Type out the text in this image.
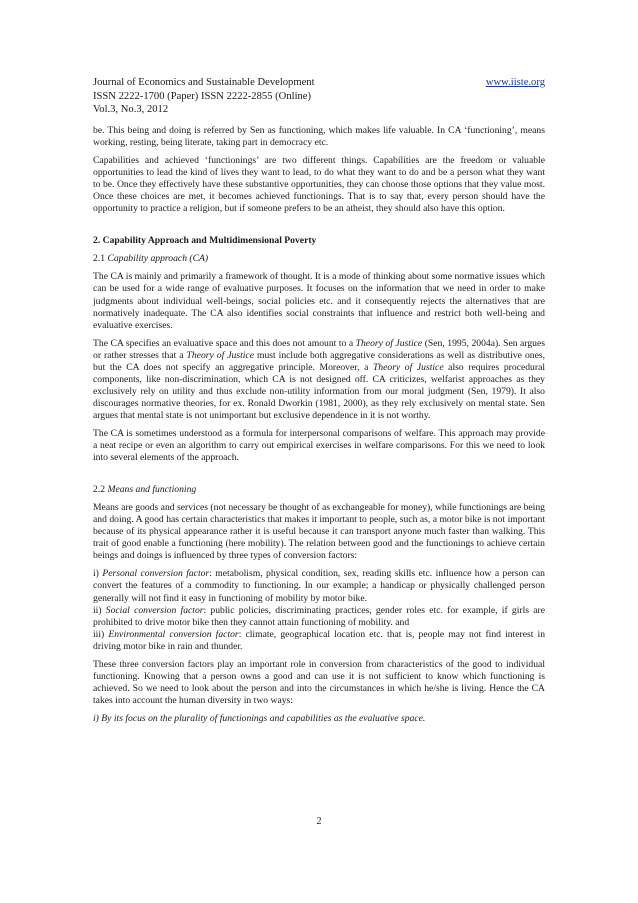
Journal of Economics and Sustainable Development
ISSN 2222-1700 (Paper) ISSN 2222-2855 (Online)
Vol.3, No.3, 2012
www.iiste.org

be. This being and doing is referred by Sen as functioning, which makes life valuable. In CA ‘functioning’, means working, resting, being literate, taking part in democracy etc.

Capabilities and achieved ‘functionings’ are two different things. Capabilities are the freedom or valuable opportunities to lead the kind of lives they want to lead, to do what they want to do and be a person what they want to be. Once they effectively have these substantive opportunities, they can choose those options that they value most. Once these choices are met, it becomes achieved functionings. That is to say that, every person should have the opportunity to practice a religion, but if someone prefers to be an atheist, they should also have this option.

2. Capability Approach and Multidimensional Poverty
2.1 Capability approach (CA)

The CA is mainly and primarily a framework of thought. It is a mode of thinking about some normative issues which can be used for a wide range of evaluative purposes. It focuses on the information that we need in order to make judgments about individual well-beings, social policies etc. and it consequently rejects the alternatives that are normatively inadequate. The CA also identifies social constraints that influence and restrict both well-being and evaluative exercises.

The CA specifies an evaluative space and this does not amount to a Theory of Justice (Sen, 1995, 2004a). Sen argues or rather stresses that a Theory of Justice must include both aggregative considerations as well as distributive ones, but the CA does not specify an aggregative principle. Moreover, a Theory of Justice also requires procedural components, like non-discrimination, which CA is not designed off. CA criticizes, welfarist approaches as they exclusively rely on utility and thus exclude non-utility information from our moral judgment (Sen, 1979). It also discourages normative theories, for ex. Ronald Dworkin (1981, 2000), as they rely exclusively on mental state. Sen argues that mental state is not unimportant but exclusive dependence in it is not worthy.

The CA is sometimes understood as a formula for interpersonal comparisons of welfare. This approach may provide a neat recipe or even an algorithm to carry out empirical exercises in welfare comparisons. For this we need to look into several elements of the approach.

2.2 Means and functioning

Means are goods and services (not necessary be thought of as exchangeable for money), while functionings are being and doing. A good has certain characteristics that makes it important to people, such as, a motor bike is not important because of its physical appearance rather it is useful because it can transport anyone much faster than walking. This trait of good enable a functioning (here mobility). The relation between good and the functionings to achieve certain beings and doings is influenced by three types of conversion factors:

i) Personal conversion factor: metabolism, physical condition, sex, reading skills etc. influence how a person can convert the features of a commodity to functioning. In our example; a handicap or physically challenged person generally will not find it easy in functioning of mobility by motor bike.

ii) Social conversion factor: public policies, discriminating practices, gender roles etc. for example, if girls are prohibited to drive motor bike then they cannot attain functioning of mobility. and

iii) Environmental conversion factor: climate, geographical location etc. that is, people may not find interest in driving motor bike in rain and thunder.

These three conversion factors play an important role in conversion from characteristics of the good to individual functioning. Knowing that a person owns a good and can use it is not sufficient to know which functioning is achieved. So we need to look about the person and into the circumstances in which he/she is living. Hence the CA takes into account the human diversity in two ways:

i) By its focus on the plurality of functionings and capabilities as the evaluative space.

2
